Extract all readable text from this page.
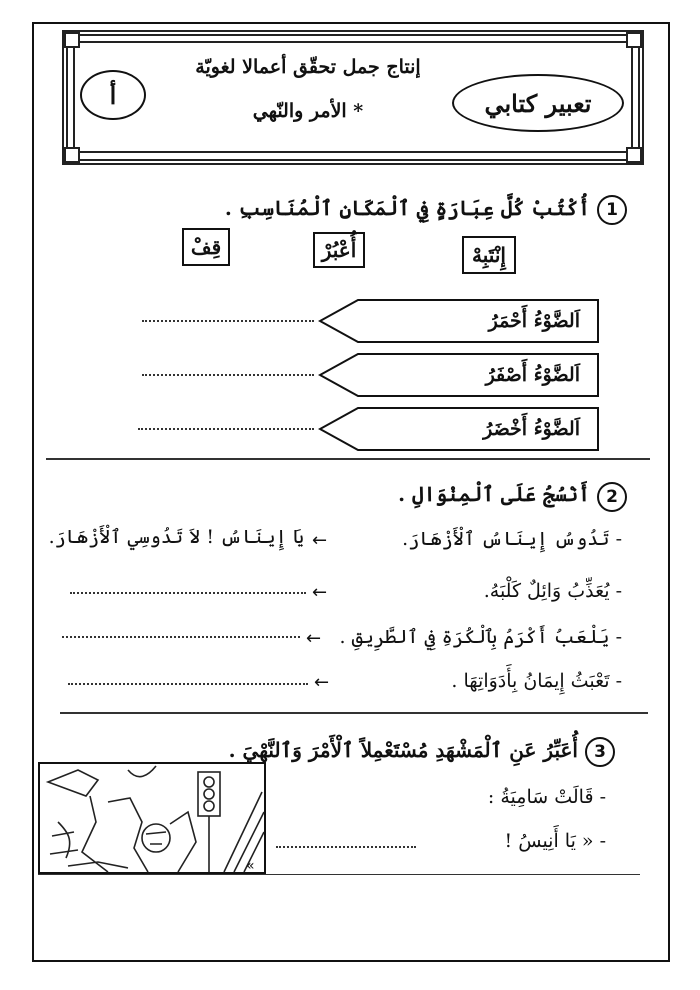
أ	تعبير كتابي
إنتاج جمل تحقّق أعمالا لغويّة
* الأمر والنّهي
1
أُكْتُبْ كُلَّ عِبَارَةٍ فِي ٱلْمَكَانِ ٱلْمُنَاسِبِ .
إِنْتَبِهْ
أُعْبُرْ
قِفْ
اَلضَّوْءُ أَحْمَرُ
اَلضَّوْءُ أَصْفَرُ
اَلضَّوْءُ أَخْضَرُ
2
أَنْسُجُ عَلَى ٱلْمِنْوَالِ .
- تَدُوسُ إِينَاسُ ٱلْأَزْهَارَ.
- يُعَذِّبُ وَائِلٌ كَلْبَهُ.
- يَلْعَبُ أَكْرَمُ بِٱلْكُرَةِ فِي ٱلطَّرِيقِ .
- تَعْبَثُ إِيمَانُ بِأَدَوَاتِهَا .
←
←
←
←
يَا إِينَاسُ ! لاَ تَدُوسِي ٱلْأَزْهَارَ.
3
أُعَبِّرُ عَنِ ٱلْمَشْهَدِ مُسْتَعْمِلاً ٱلْأَمْرَ وَٱلنَّهْيَ .
- قَالَتْ سَامِيَةُ :
- « يَا أَنِيسُ !
«
